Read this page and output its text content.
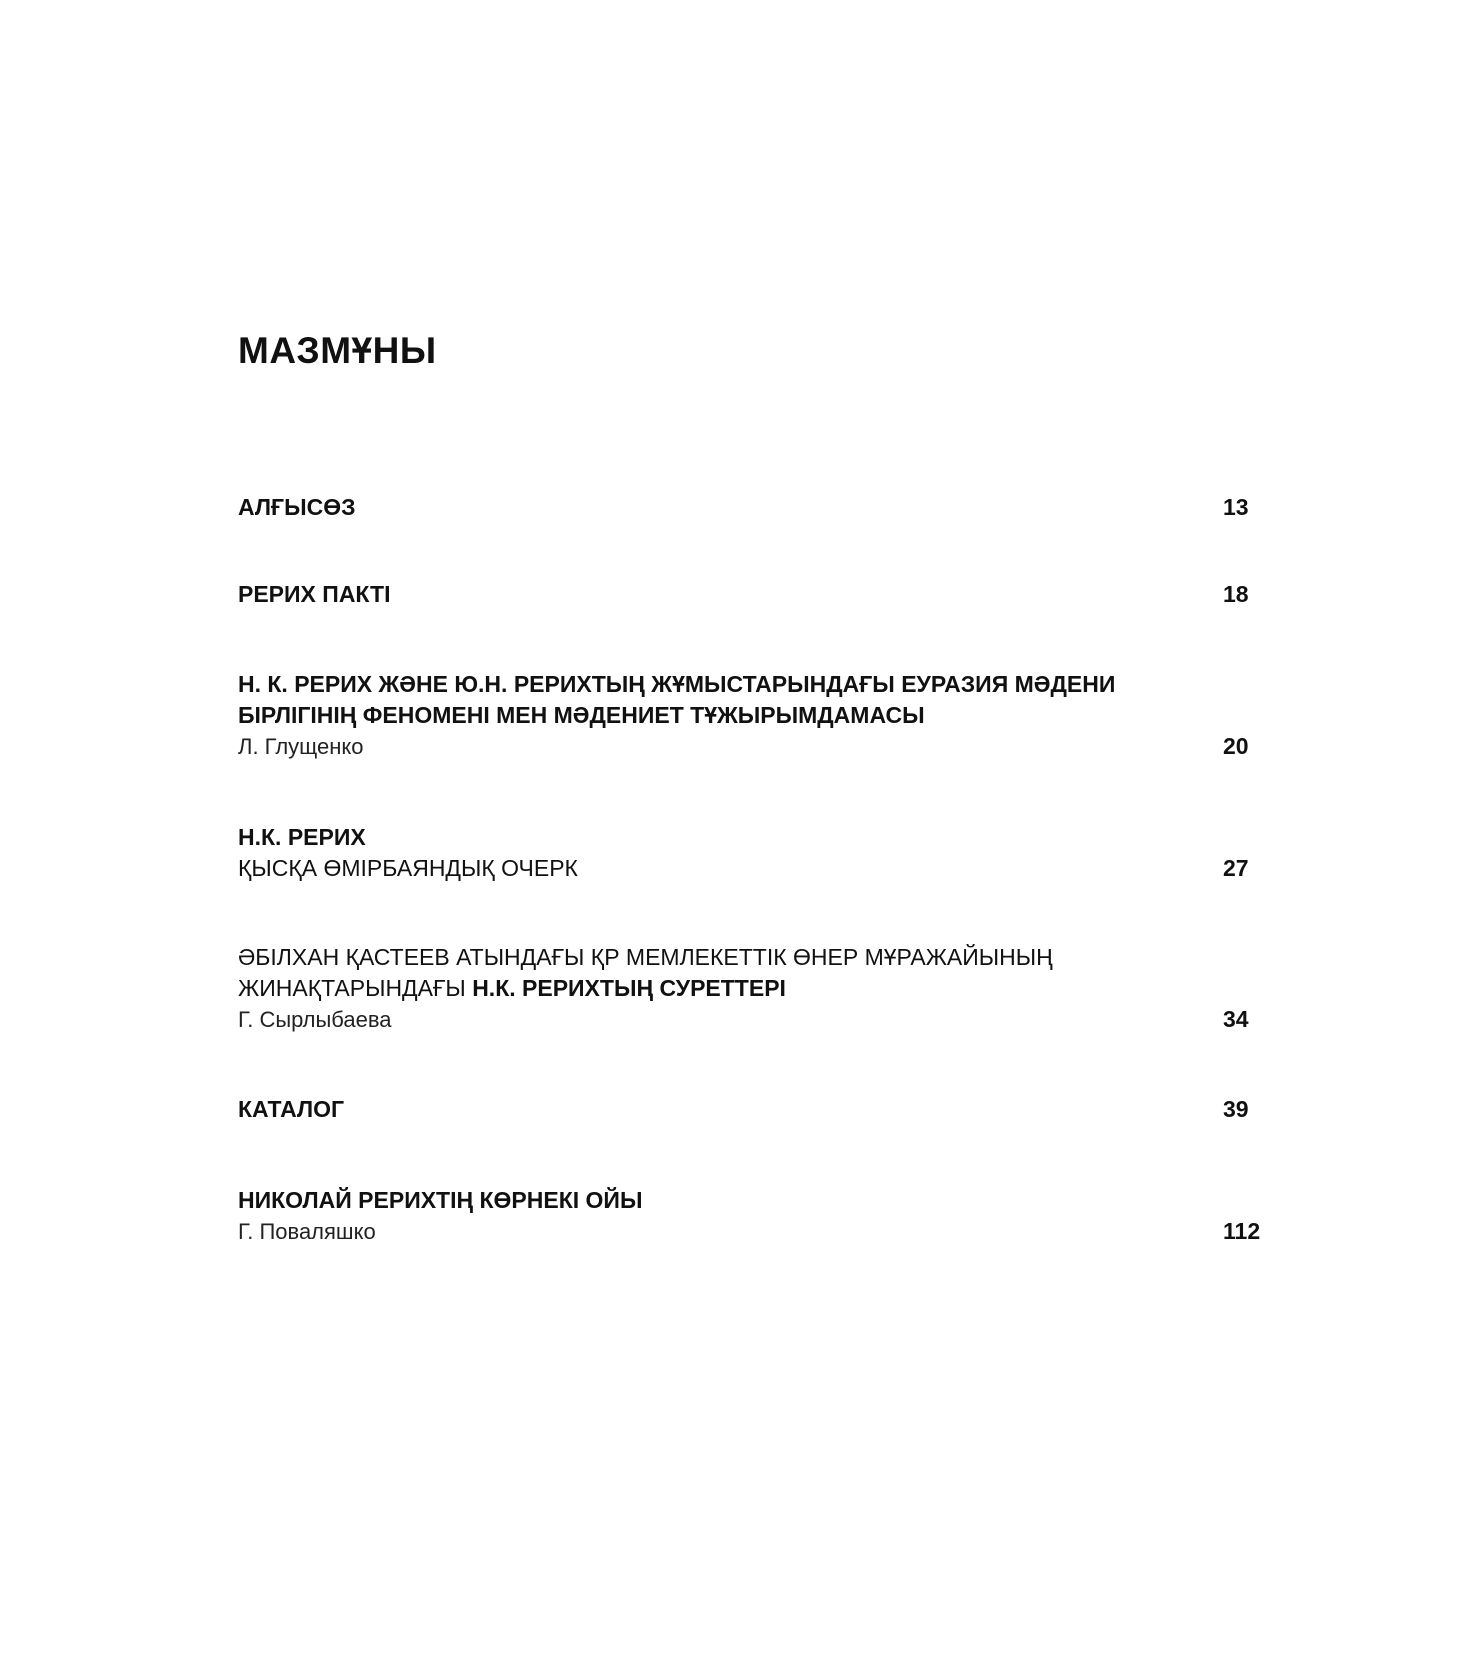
МАЗМҰНЫ
АЛҒЫСӨЗ	13
РЕРИХ ПАКТІ	18
Н. К. РЕРИХ ЖӘНЕ Ю.Н. РЕРИХТЫҢ ЖҰМЫСТАРЫНДАҒЫ ЕУРАЗИЯ МӘДЕНИ
БІРЛІГІНІҢ ФЕНОМЕНІ МЕН МӘДЕНИЕТ ТҰЖЫРЫМДАМАСЫ
Л. Глущенко	20
Н.К. РЕРИХ
ҚЫСҚА ӨМІРБАЯНДЫҚ ОЧЕРК	27
ӘБІЛХАН ҚАСТЕЕВ АТЫНДАҒЫ ҚР МЕМЛЕКЕТТІК ӨНЕР МҰРАЖАЙЫНЫҢ
ЖИНАҚТАРЫНДАҒЫ Н.К. РЕРИХТЫҢ СУРЕТТЕРІ
Г. Сырлыбаева	34
КАТАЛОГ	39
НИКОЛАЙ РЕРИХТІҢ КӨРНЕКІ ОЙЫ
Г. Поваляшко	112
